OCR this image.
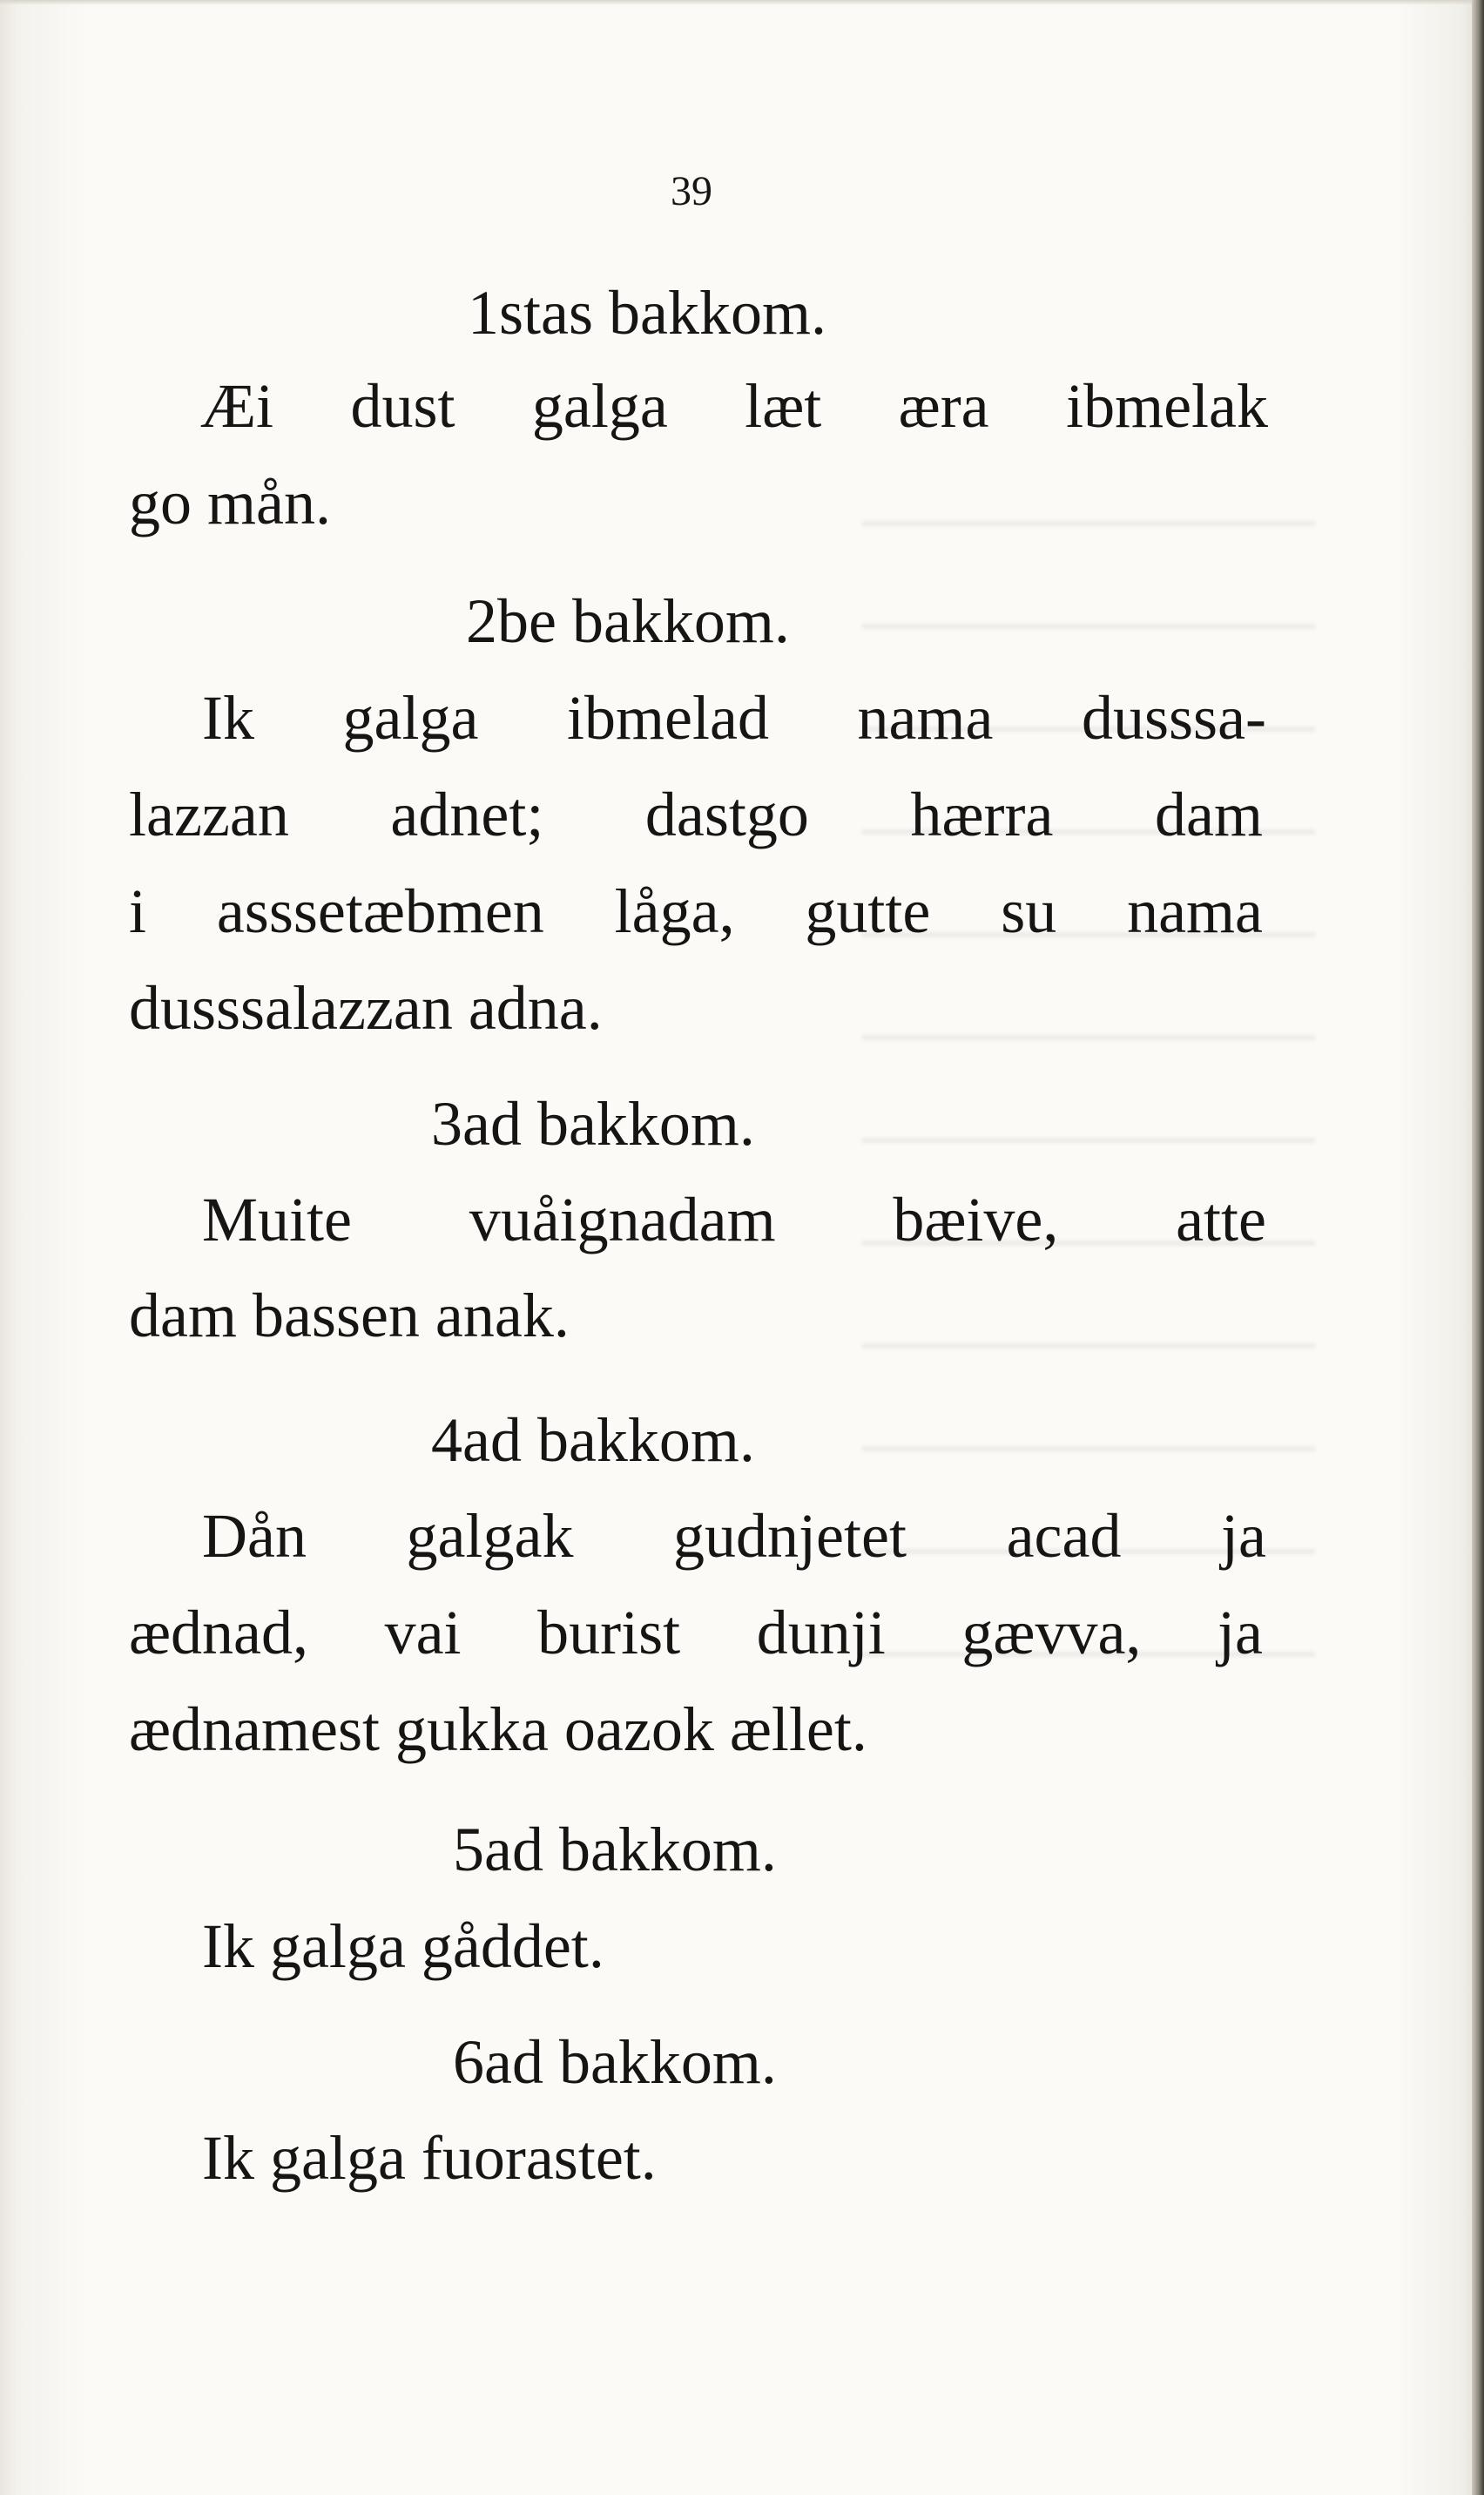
39
1stas bakkom.
Æi dust galga læt æra ibmelak
go mån.
2be bakkom.
Ik galga ibmelad nama dusssa-
lazzan adnet; dastgo hærra dam
i asssetæbmen låga, gutte su nama
dusssalazzan adna.
3ad bakkom.
Muite vuåignadam bæive, atte
dam bassen anak.
4ad bakkom.
Dån galgak gudnjetet acad ja
ædnad, vai burist dunji gævva, ja
ædnamest gukka oazok ællet.
5ad bakkom.
Ik galga gåddet.
6ad bakkom.
Ik galga fuorastet.
